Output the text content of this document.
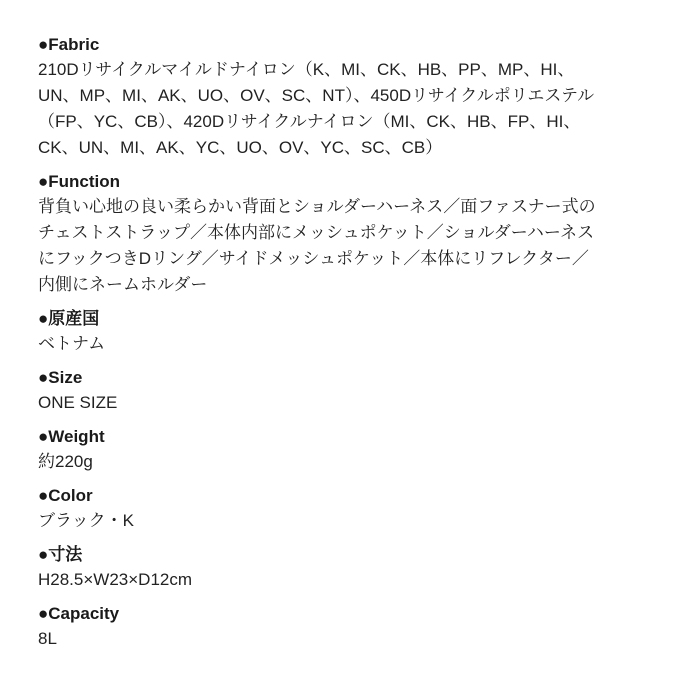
●Fabric

210Dリサイクルマイルドナイロン（K、MI、CK、HB、PP、MP、HI、

UN、MP、MI、AK、UO、OV、SC、NT）、450Dリサイクルポリエステル

（FP、YC、CB）、420Dリサイクルナイロン（MI、CK、HB、FP、HI、

CK、UN、MI、AK、YC、UO、OV、YC、SC、CB）

●Function

背負い心地の良い柔らかい背面とショルダーハーネス／面ファスナー式の

チェストストラップ／本体内部にメッシュポケット／ショルダーハーネス

にフックつきDリング／サイドメッシュポケット／本体にリフレクター／

内側にネームホルダー

●原産国

ベトナム

●Size

ONE SIZE

●Weight

約220g

●Color

ブラック・K

●寸法

H28.5×W23×D12cm

●Capacity

8L
